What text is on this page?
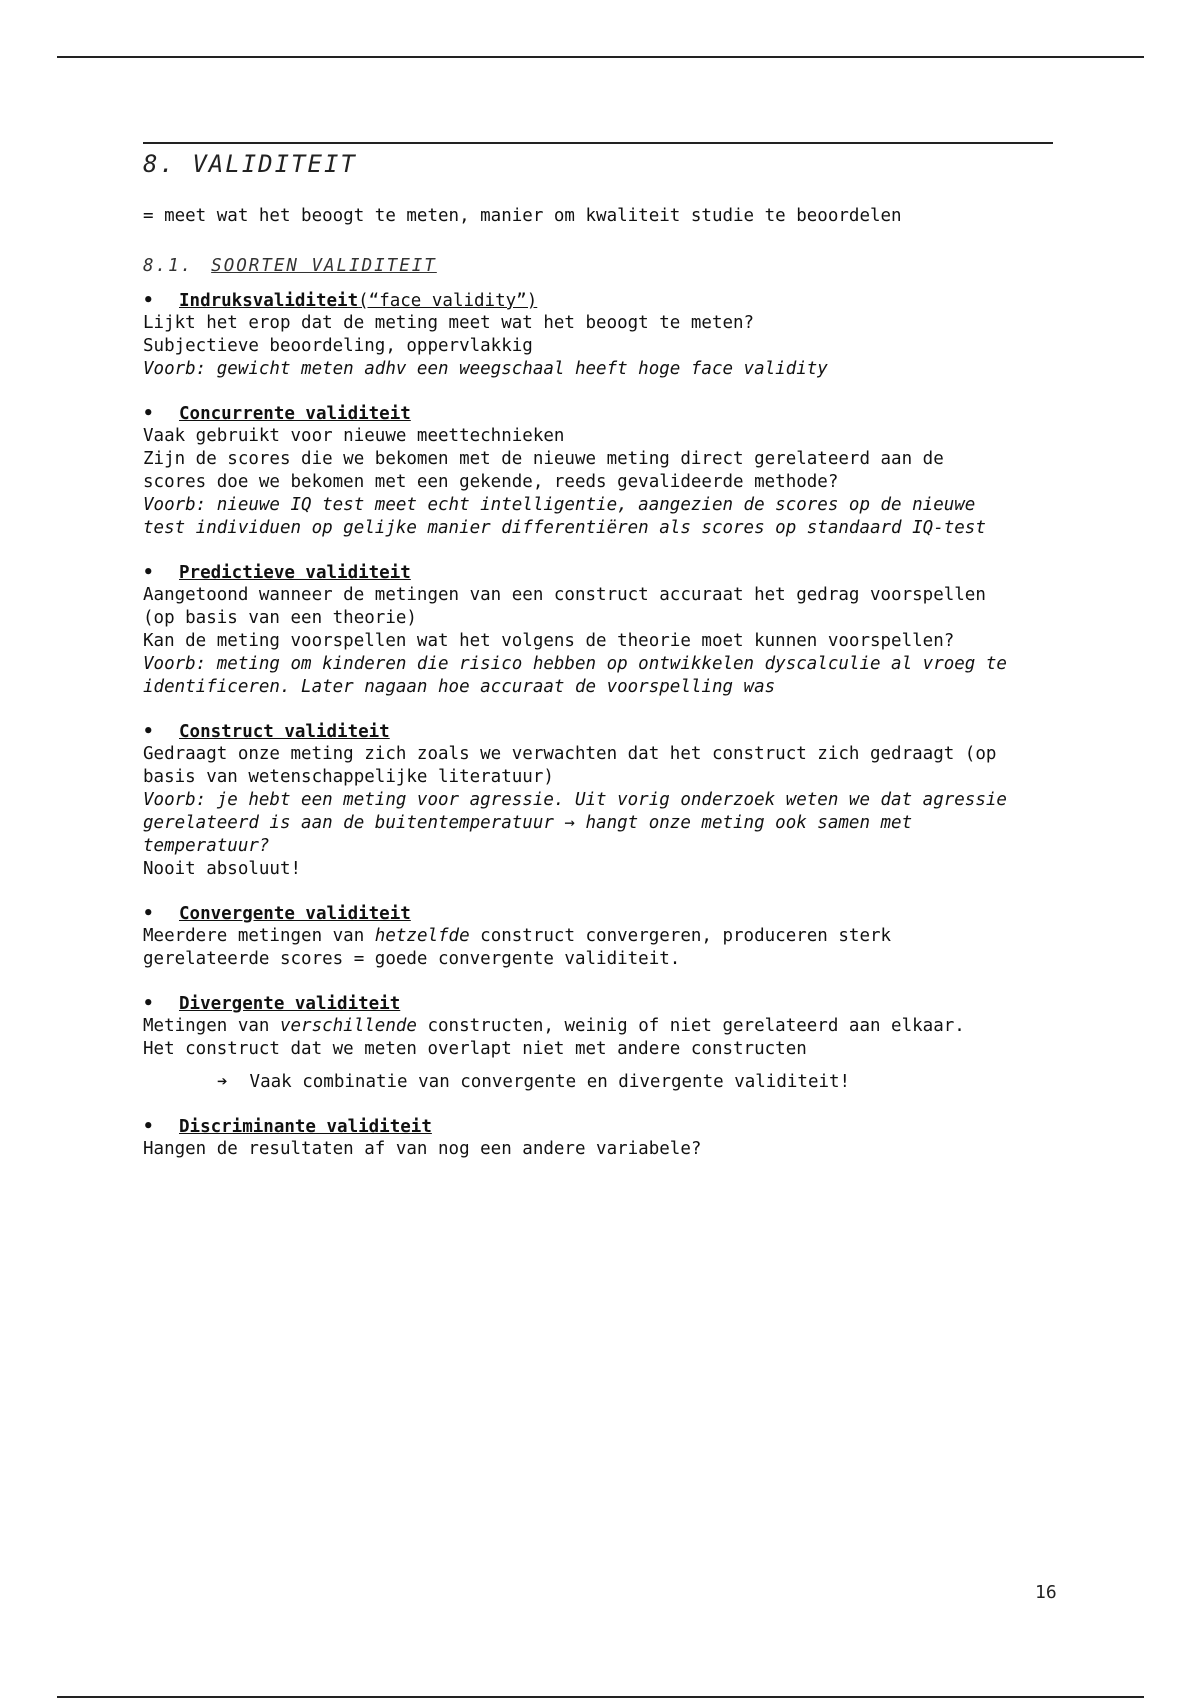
8. VALIDITEIT

= meet wat het beoogt te meten, manier om kwaliteit studie te beoordelen

8.1. SOORTEN VALIDITEIT
•	Indruksvaliditeit (“face validity”)

Lijkt het erop dat de meting meet wat het beoogt te meten?

Subjectieve beoordeling, oppervlakkig

Voorb: gewicht meten adhv een weegschaal heeft hoge face validity

•	Concurrente validiteit

Vaak gebruikt voor nieuwe meettechnieken

Zijn de scores die we bekomen met de nieuwe meting direct gerelateerd aan de

scores doe we bekomen met een gekende, reeds gevalideerde methode?

Voorb: nieuwe IQ test meet echt intelligentie, aangezien de scores op de nieuwe

test individuen op gelijke manier differentiëren als scores op standaard IQ-test

•	Predictieve validiteit

Aangetoond wanneer de metingen van een construct accuraat het gedrag voorspellen

(op basis van een theorie)

Kan de meting voorspellen wat het volgens de theorie moet kunnen voorspellen?

Voorb: meting om kinderen die risico hebben op ontwikkelen dyscalculie al vroeg te

identificeren. Later nagaan hoe accuraat de voorspelling was

•	Construct validiteit

Gedraagt onze meting zich zoals we verwachten dat het construct zich gedraagt (op

basis van wetenschappelijke literatuur)

Voorb: je hebt een meting voor agressie. Uit vorig onderzoek weten we dat agressie

gerelateerd is aan de buitentemperatuur → hangt onze meting ook samen met

temperatuur?

Nooit absoluut!

•	Convergente validiteit

Meerdere metingen van hetzelfde construct convergeren, produceren sterk

gerelateerde scores = goede convergente validiteit.

•	Divergente validiteit

Metingen van verschillende constructen, weinig of niet gerelateerd aan elkaar.

Het construct dat we meten overlapt niet met andere constructen

➔ Vaak combinatie van convergente en divergente validiteit!

•	Discriminante validiteit

Hangen de resultaten af van nog een andere variabele?

16
